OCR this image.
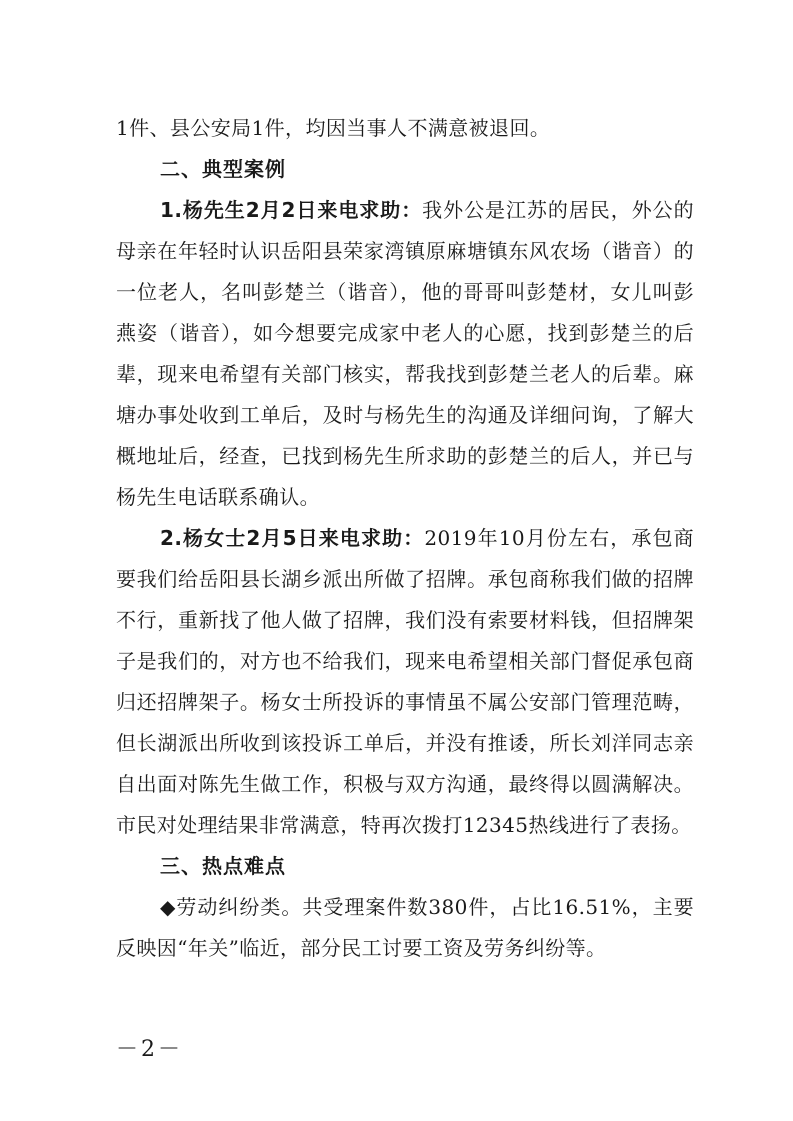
1件、县公安局1件，均因当事人不满意被退回。

二、典型案例

1.杨先生2月2日来电求助：我外公是江苏的居民，外公的母亲在年轻时认识岳阳县荣家湾镇原麻塘镇东风农场（谐音）的一位老人，名叫彭楚兰（谐音），他的哥哥叫彭楚材，女儿叫彭燕姿（谐音），如今想要完成家中老人的心愿，找到彭楚兰的后辈，现来电希望有关部门核实，帮我找到彭楚兰老人的后辈。麻塘办事处收到工单后，及时与杨先生的沟通及详细问询，了解大概地址后，经查，已找到杨先生所求助的彭楚兰的后人，并已与杨先生电话联系确认。

2.杨女士2月5日来电求助：2019年10月份左右，承包商要我们给岳阳县长湖乡派出所做了招牌。承包商称我们做的招牌不行，重新找了他人做了招牌，我们没有索要材料钱，但招牌架子是我们的，对方也不给我们，现来电希望相关部门督促承包商归还招牌架子。杨女士所投诉的事情虽不属公安部门管理范畴，但长湖派出所收到该投诉工单后，并没有推诿，所长刘洋同志亲自出面对陈先生做工作，积极与双方沟通，最终得以圆满解决。市民对处理结果非常满意，特再次拨打12345热线进行了表扬。

三、热点难点

◆劳动纠纷类。共受理案件数380件，占比16.51%，主要反映因“年关”临近，部分民工讨要工资及劳务纠纷等。

－2－
